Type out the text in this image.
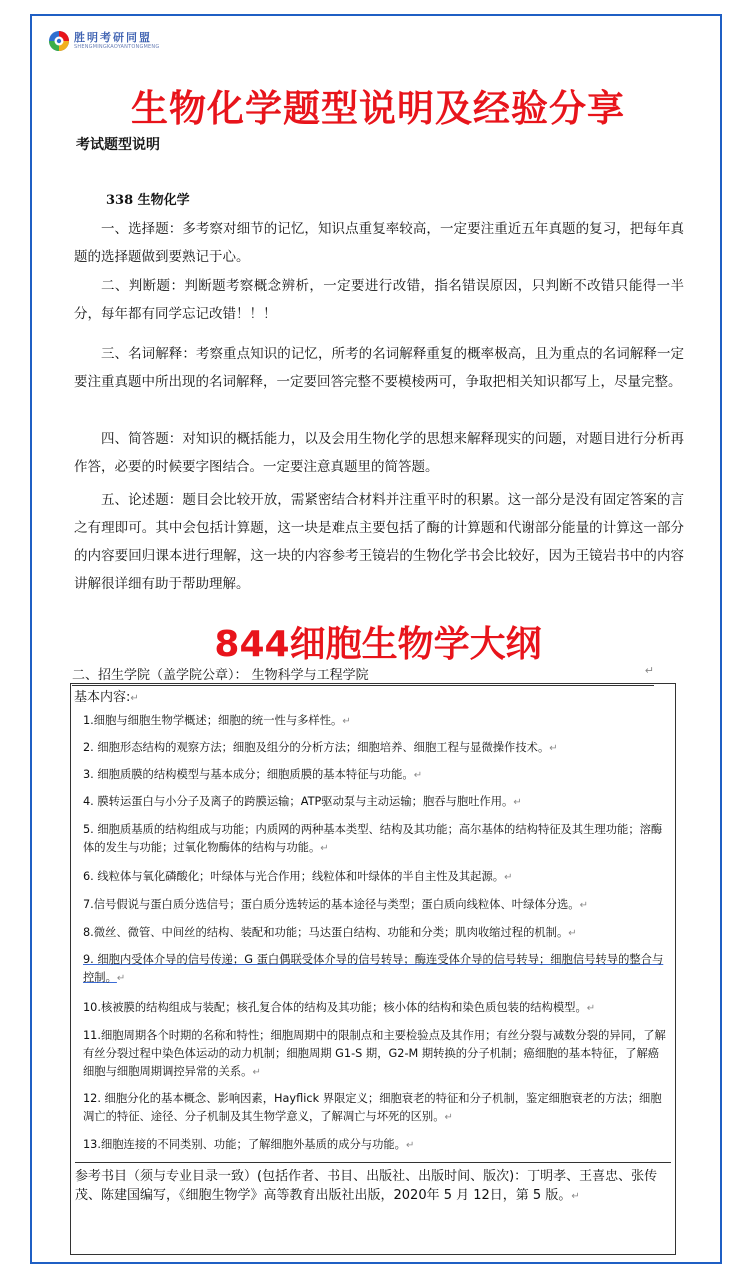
胜明考研同盟
SHENGMINGKAOYANTONGMENG
生物化学题型说明及经验分享
考试题型说明
338 生物化学
一、选择题：多考察对细节的记忆，知识点重复率较高，一定要注重近五年真题的复习，把每年真题的选择题做到要熟记于心。
二、判断题：判断题考察概念辨析，一定要进行改错，指名错误原因，只判断不改错只能得一半分，每年都有同学忘记改错！！！
三、名词解释：考察重点知识的记忆，所考的名词解释重复的概率极高，且为重点的名词解释一定要注重真题中所出现的名词解释，一定要回答完整不要模棱两可，争取把相关知识都写上，尽量完整。
四、简答题：对知识的概括能力，以及会用生物化学的思想来解释现实的问题，对题目进行分析再作答，必要的时候要字图结合。一定要注意真题里的简答题。
五、论述题：题目会比较开放，需紧密结合材料并注重平时的积累。这一部分是没有固定答案的言之有理即可。其中会包括计算题，这一块是难点主要包括了酶的计算题和代谢部分能量的计算这一部分的内容要回归课本进行理解，这一块的内容参考王镜岩的生物化学书会比较好，因为王镜岩书中的内容讲解很详细有助于帮助理解。
844细胞生物学大纲
二、招生学院（盖学院公章）： 生物科学与工程学院	↵
基本内容:↵
1.细胞与细胞生物学概述；细胞的统一性与多样性。↵
2. 细胞形态结构的观察方法；细胞及组分的分析方法；细胞培养、细胞工程与显微操作技术。↵
3. 细胞质膜的结构模型与基本成分；细胞质膜的基本特征与功能。↵
4. 膜转运蛋白与小分子及离子的跨膜运输；ATP驱动泵与主动运输；胞吞与胞吐作用。↵
5. 细胞质基质的结构组成与功能；内质网的两种基本类型、结构及其功能；高尔基体的结构特征及其生理功能；溶酶体的发生与功能；过氧化物酶体的结构与功能。↵
6. 线粒体与氧化磷酸化；叶绿体与光合作用；线粒体和叶绿体的半自主性及其起源。↵
7.信号假说与蛋白质分选信号；蛋白质分选转运的基本途径与类型；蛋白质向线粒体、叶绿体分选。↵
8.微丝、微管、中间丝的结构、装配和功能；马达蛋白结构、功能和分类；肌肉收缩过程的机制。↵
9. 细胞内受体介导的信号传递；G 蛋白偶联受体介导的信号转导；酶连受体介导的信号转导；细胞信号转导的整合与控制。↵
10.核被膜的结构组成与装配；核孔复合体的结构及其功能；核小体的结构和染色质包装的结构模型。↵
11.细胞周期各个时期的名称和特性；细胞周期中的限制点和主要检验点及其作用；有丝分裂与减数分裂的异同，了解有丝分裂过程中染色体运动的动力机制；细胞周期 G1-S 期，G2-M 期转换的分子机制；癌细胞的基本特征，了解癌细胞与细胞周期调控异常的关系。↵
12. 细胞分化的基本概念、影响因素，Hayflick 界限定义；细胞衰老的特征和分子机制，鉴定细胞衰老的方法；细胞凋亡的特征、途径、分子机制及其生物学意义，了解凋亡与坏死的区别。↵
13.细胞连接的不同类别、功能；了解细胞外基质的成分与功能。↵
参考书目（须与专业目录一致）(包括作者、书目、出版社、出版时间、版次)：丁明孝、王喜忠、张传茂、陈建国编写，《细胞生物学》高等教育出版社出版，2020年 5 月 12日，第 5 版。↵
